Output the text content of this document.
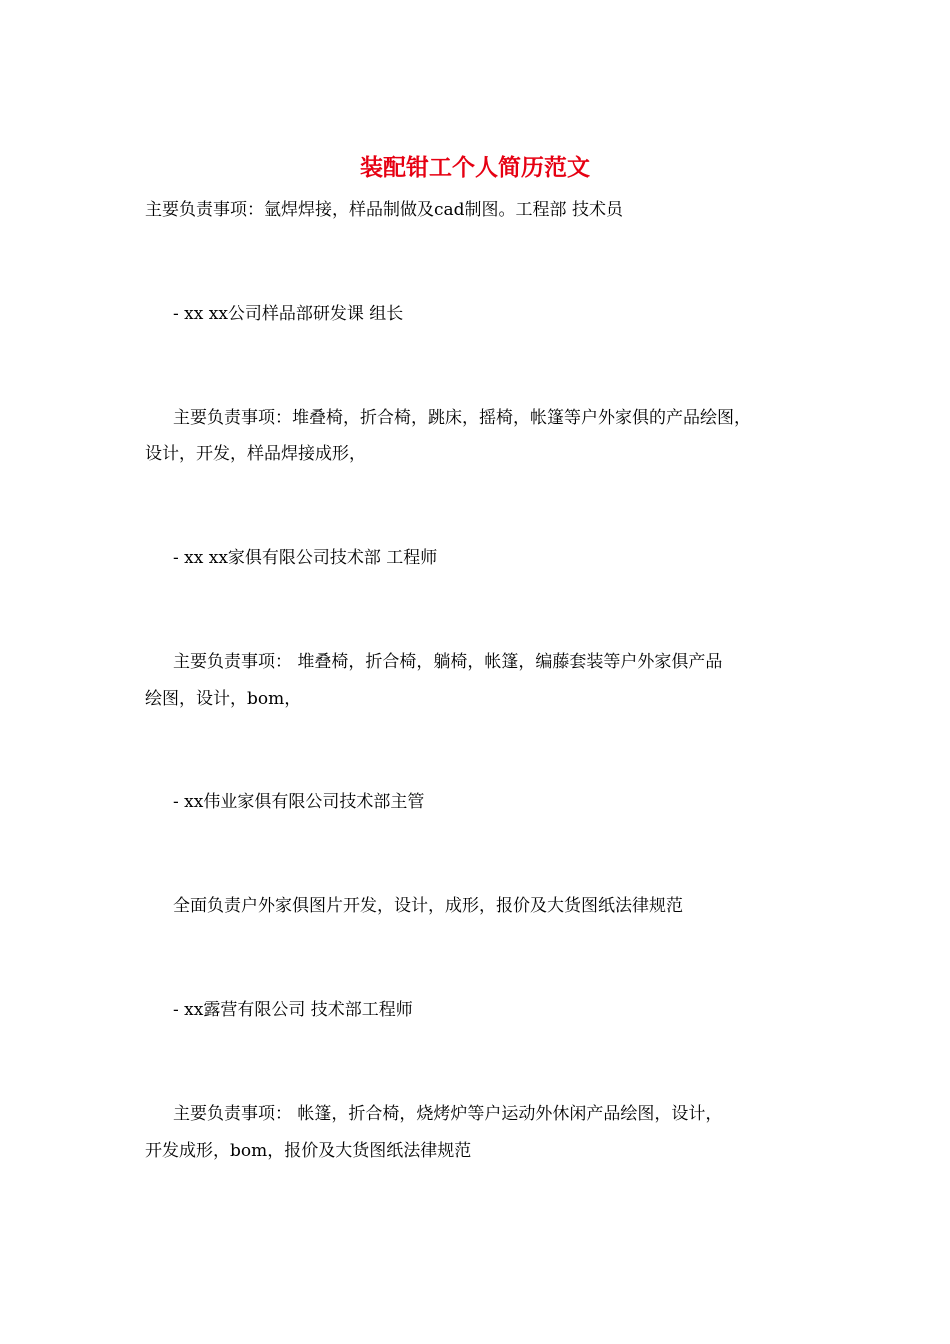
装配钳工个人简历范文

主要负责事项：氩焊焊接，样品制做及cad制图。工程部 技术员

- xx xx公司样品部研发课 组长

主要负责事项：堆叠椅，折合椅，跳床，摇椅，帐篷等户外家俱的产品绘图，

设计，开发，样品焊接成形，

- xx xx家俱有限公司技术部 工程师

主要负责事项： 堆叠椅，折合椅，躺椅，帐篷，编藤套装等户外家俱产品

绘图，设计，bom，

- xx伟业家俱有限公司技术部主管

全面负责户外家俱图片开发，设计，成形，报价及大货图纸法律规范

- xx露营有限公司 技术部工程师

主要负责事项： 帐篷，折合椅，烧烤炉等户运动外休闲产品绘图，设计，

开发成形，bom，报价及大货图纸法律规范
